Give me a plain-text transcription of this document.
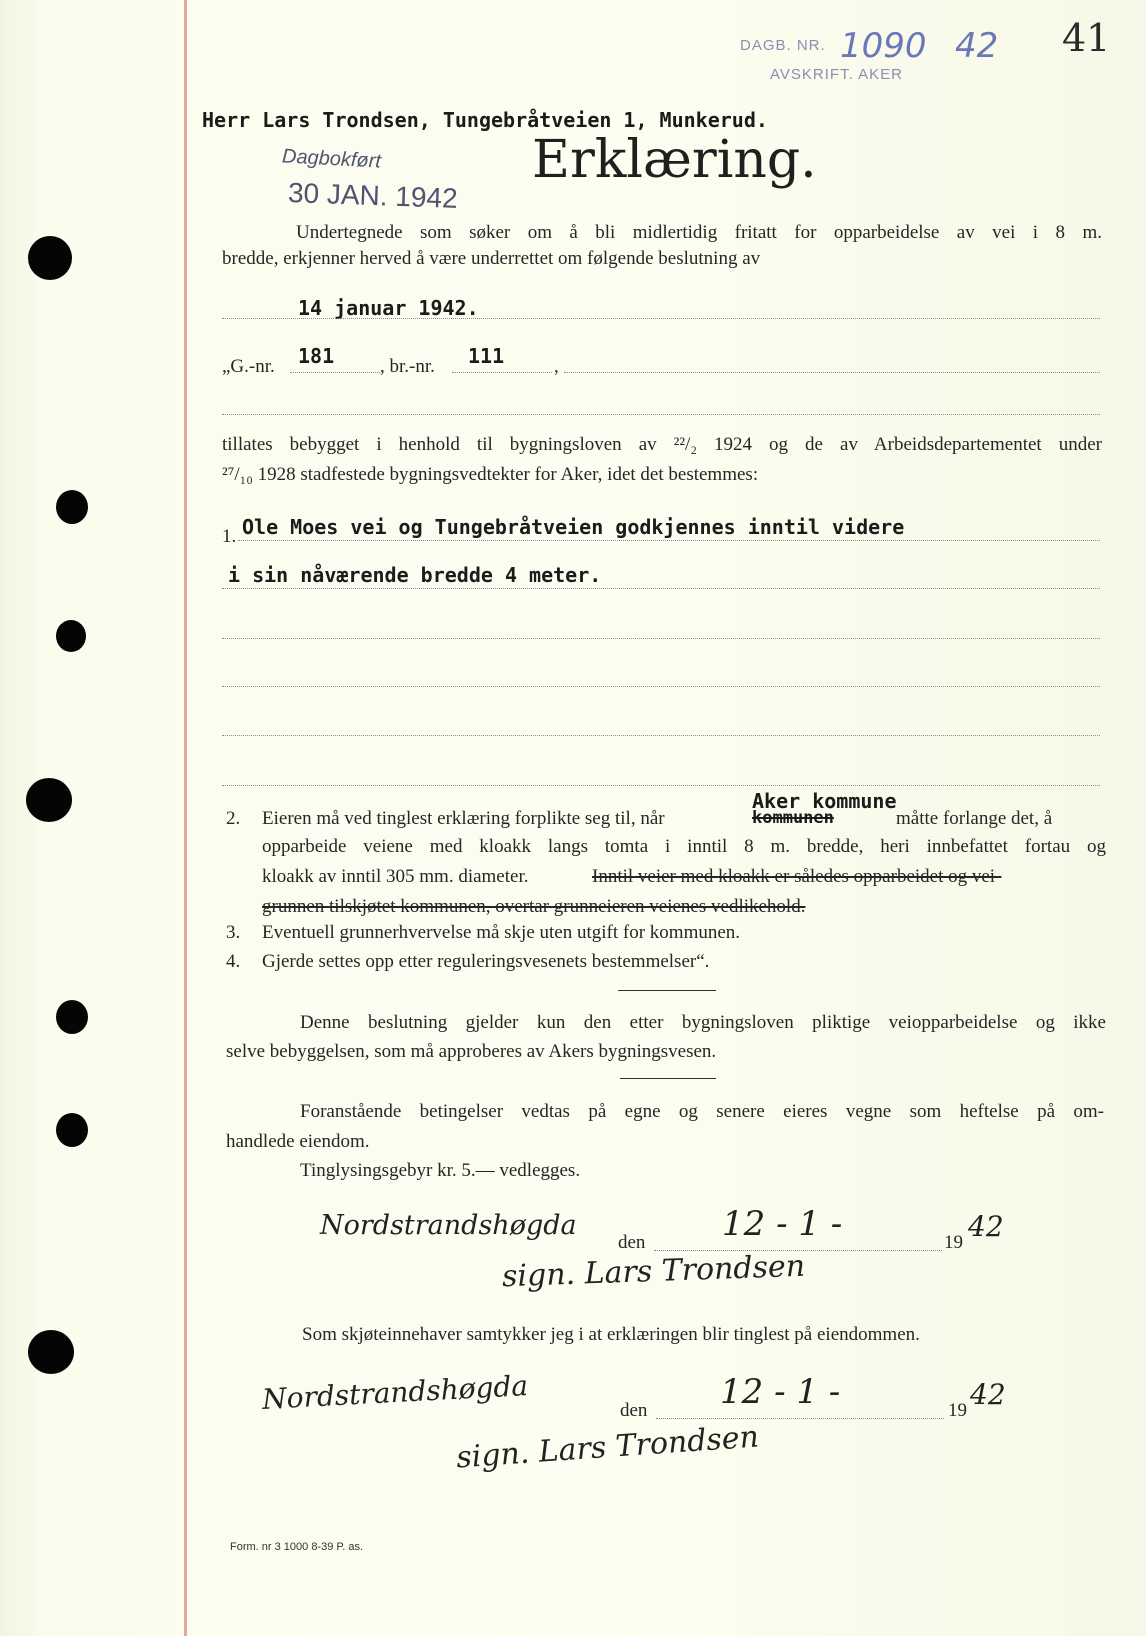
DAGB. NR. 1090 42
AVSKRIFT. AKER
41
Herr Lars Trondsen, Tungebråtveien 1, Munkerud.
Dagbokført
30 JAN. 1942
Erklæring.
Undertegnede som søker om å bli midlertidig fritatt for opparbeidelse av vei i 8 m.
bredde, erkjenner herved å være underrettet om følgende beslutning av
14 januar 1942.
„G.-nr. 181 , br.-nr. 111	,
tillates bebygget i henhold til bygningsloven av ²²/₂ 1924 og de av Arbeidsdepartementet under
²⁷/₁₀ 1928 stadfestede bygningsvedtekter for Aker, idet det bestemmes:
1. Ole Moes vei og Tungebråtveien godkjennes inntil videre
i sin nåværende bredde 4 meter.
2. Eieren må ved tinglest erklæring forplikte seg til, når	kommunen
Aker kommune
måtte forlange det, å
opparbeide veiene med kloakk langs tomta i inntil 8 m. bredde, heri innbefattet fortau og
kloakk av inntil 305 mm. diameter.	Inntil veier med kloakk er således opparbeidet og vei-
grunnen tilskjøtet kommunen, overtar grunneieren veienes vedlikehold.
3. Eventuell grunnerhvervelse må skje uten utgift for kommunen.
4. Gjerde settes opp etter reguleringsvesenets bestemmelser“.
Denne beslutning gjelder kun den etter bygningsloven pliktige veiopparbeidelse og ikke
selve bebyggelsen, som må approberes av Akers bygningsvesen.
Foranstående betingelser vedtas på egne og senere eieres vegne som heftelse på om-
handlede eiendom.
Tinglysingsgebyr kr. 5.— vedlegges.
Nordstrandshøgda
den 12 - 1 -	19 42
sign. Lars Trondsen
Som skjøteinnehaver samtykker jeg i at erklæringen blir tinglest på eiendommen.
Nordstrandshøgda	den 12 - 1 -	19 42
sign. Lars Trondsen
Form. nr 3 1000 8-39 P. as.
